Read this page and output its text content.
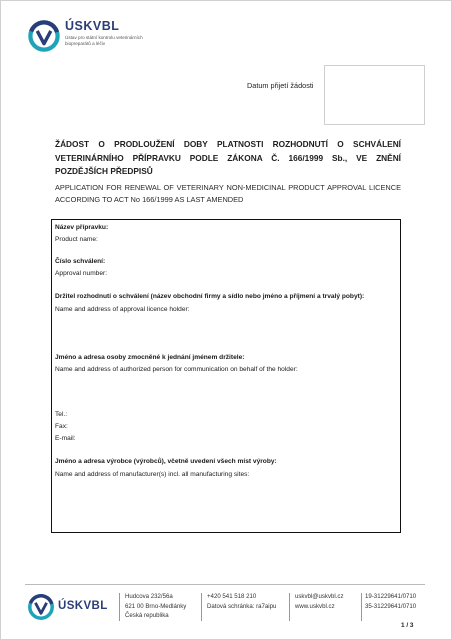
ÚSKVBL
Ústav pro státní kontrolu veterinárních biopreparátů a léčiv
Datum přijetí žádosti
ŽÁDOST O PRODLOUŽENÍ DOBY PLATNOSTI ROZHODNUTÍ O SCHVÁLENÍ VETERINÁRNÍHO PŘÍPRAVKU PODLE ZÁKONA Č. 166/1999 Sb., VE ZNĚNÍ POZDĚJŠÍCH PŘEDPISŮ
APPLICATION FOR RENEWAL OF VETERINARY NON-MEDICINAL PRODUCT APPROVAL LICENCE ACCORDING TO ACT No 166/1999 AS LAST AMENDED
Název přípravku:
Product name:
Číslo schválení:
Approval number:
Držitel rozhodnutí o schválení (název obchodní firmy a sídlo nebo jméno a příjmení a trvalý pobyt):
Name and address of approval licence holder:
Jméno a adresa osoby zmocněné k jednání jménem držitele:
Name and address of authorized person for communication on behalf of the holder:
Tel.:
Fax:
E-mail:
Jméno a adresa výrobce (výrobců), včetně uvedení všech míst výroby:
Name and address of manufacturer(s) incl. all manufacturing sites:
ÚSKVBL
Hudcova 232/56a
621 00 Brno-Medlánky
Česká republika
+420 541 518 210
Datová schránka: ra7aipu
uskvbl@uskvbl.cz
www.uskvbl.cz
19-31229641/0710
35-31229641/0710
1 / 3
